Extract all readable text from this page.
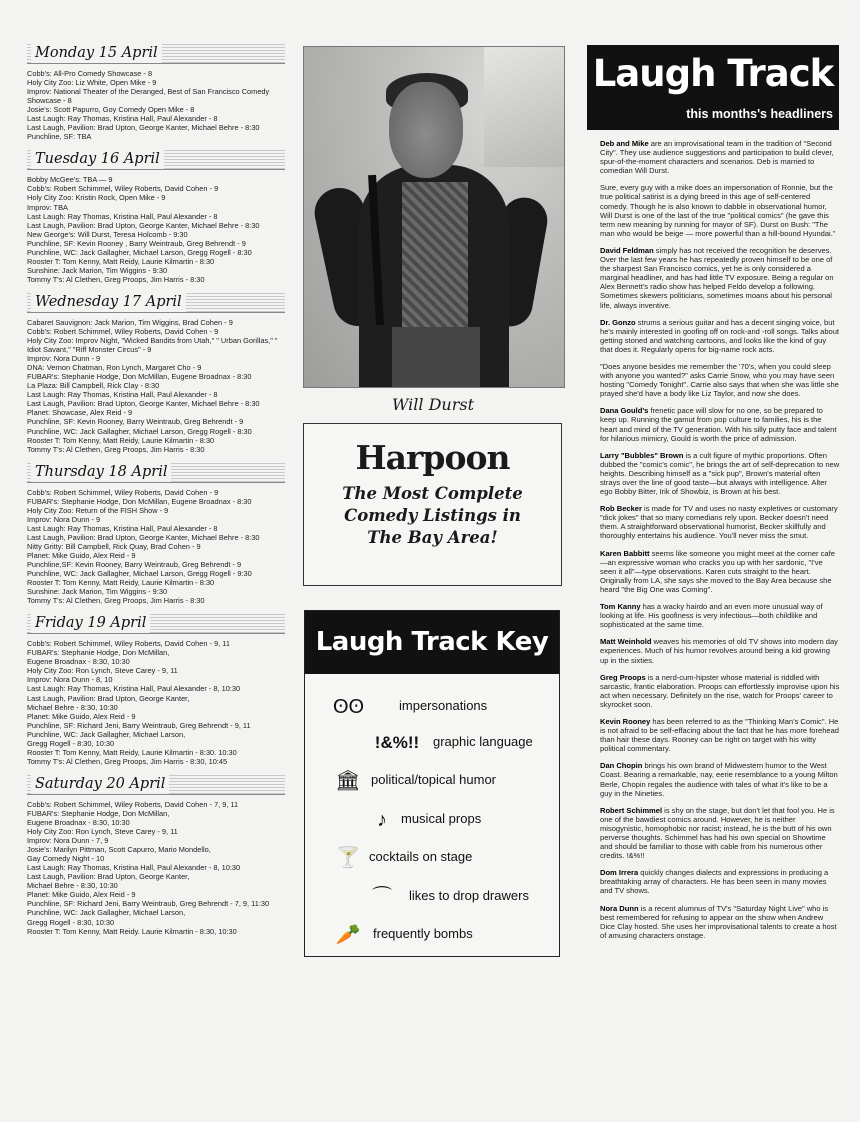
Monday 15 April
Cobb's: All-Pro Comedy Showcase - 8
Holy City Zoo: Liz White, Open Mike - 9
Improv: National Theater of the Deranged, Best of San Francisco Comedy Showcase - 8
Josie's: Scott Papurro, Goy Comedy Open Mike - 8
Last Laugh: Ray Thomas, Kristina Hall, Paul Alexander - 8
Last Laugh, Pavilion: Brad Upton, George Kanter, Michael Behre - 8:30
Punchline, SF: TBA
Tuesday 16 April
Bobby McGee's: TBA — 9
Cobb's: Robert Schimmel, Wiley Roberts, David Cohen - 9
Holy City Zoo: Kristin Rock, Open Mike - 9
Improv: TBA
Last Laugh: Ray Thomas, Kristina Hall, Paul Alexander - 8
Last Laugh, Pavilion: Brad Upton, George Kanter, Michael Behre - 8:30
New George's: Will Durst, Teresa Holcomb - 9:30
Punchline, SF: Kevin Rooney , Barry Weintraub, Greg Behrendt - 9
Punchline, WC: Jack Gallagher, Michael Larson, Gregg Rogell - 8:30
Rooster T: Tom Kenny, Matt Reidy, Laurie Kilmartin - 8:30
Sunshine: Jack Marion, Tim Wiggins - 9:30
Tommy T's: Al Clethen, Greg Proops, Jim Harris - 8:30
Wednesday 17 April
Cabaret Sauvignon: Jack Marion, Tim Wiggins, Brad Cohen - 9
Cobb's: Robert Schimmel, Wiley Roberts, David Cohen - 9
Holy City Zoo: Improv Night, "Wicked Bandits from Utah," " Urban Gorillas," " Idiot Savant," "Riff Monster Circus" - 9
Improv: Nora Dunn - 9
DNA: Vernon Chatman, Ron Lynch, Margaret Cho - 9
FUBAR's: Stephanie Hodge, Don McMillan, Eugene Broadnax - 8:30
La Plaza: Bill Campbell, Rick Clay - 8:30
Last Laugh: Ray Thomas, Kristina Hall, Paul Alexander - 8
Last Laugh, Pavilion: Brad Upton, George Kanter, Michael Behre - 8:30
Planet: Showcase, Alex Reid - 9
Punchline, SF: Kevin Rooney, Barry Weintraub, Greg Behrendt - 9
Punchline, WC: Jack Gallagher, Michael Larson, Gregg Rogell - 8:30
Rooster T: Tom Kenny, Matt Reidy, Laurie Kilmartin - 8:30
Tommy T's: Al Clethen, Greg Proops, Jim Harris - 8:30
Thursday 18 April
Cobb's: Robert Schimmel, Wiley Roberts, David Cohen - 9
FUBAR's: Stephanie Hodge, Don McMillan, Eugene Broadnax - 8:30
Holy City Zoo: Return of the FISH Show - 9
Improv: Nora Dunn - 9
Last Laugh: Ray Thomas, Kristina Hall, Paul Alexander - 8
Last Laugh, Pavilion: Brad Upton, George Kanter, Michael Behre - 8:30
Nitty Gritty: Bill Campbell, Rick Quay, Brad Cohen - 9
Planet: Mike Guido, Alex Reid - 9
Punchline,SF: Kevin Rooney, Barry Weintraub, Greg Behrendt - 9
Punchline, WC: Jack Gallagher, Michael Larson, Gregg Rogell - 9:30
Rooster T: Tom Kenny, Matt Reidy, Laurie Kilmartin - 8:30
Sunshine: Jack Marion, Tim Wiggins - 9:30
Tommy T's: Al Clethen, Greg Proops, Jim Harris - 8:30
Friday 19 April
Cobb's: Robert Schimmel, Wiley Roberts, David Cohen - 9, 11
FUBAR's: Stephanie Hodge, Don McMillan,
Eugene Broadnax - 8:30, 10:30
Holy City Zoo: Ron Lynch, Steve Carey - 9, 11
Improv: Nora Dunn - 8, 10
Last Laugh: Ray Thomas, Kristina Hall, Paul Alexander - 8, 10:30
Last Laugh, Pavilion: Brad Upton, George Kanter,
Michael Behre - 8:30, 10:30
Planet: Mike Guido, Alex Reid - 9
Punchline, SF: Richard Jeni, Barry Weintraub, Greg Behrendt - 9, 11
Punchline, WC: Jack Gallagher, Michael Larson,
Gregg Rogell - 8:30, 10:30
Rooster T: Tom Kenny, Matt Reidy, Laurie Kilmartin - 8:30. 10:30
Tommy T's: Al Clethen, Greg Proops, Jim Harris - 8:30, 10:45
Saturday 20 April
Cobb's: Robert Schimmel, Wiley Roberts, David Cohen - 7, 9, 11
FUBAR's: Stephanie Hodge, Don McMillan,
Eugene Broadnax - 8:30, 10:30
Holy City Zoo: Ron Lynch, Steve Carey - 9, 11
Improv: Nora Dunn - 7, 9
Josie's: Marilyn Pittman, Scott Capurro, Mario Mondello,
Gay Comedy Night - 10
Last Laugh: Ray Thomas, Kristina Hall, Paul Alexander - 8, 10:30
Last Laugh, Pavilion: Brad Upton, George Kanter,
Michael Behre - 8:30, 10:30
Planet: Mike Guido, Alex Reid - 9
Punchline, SF: Richard Jeni, Barry Weintraub, Greg Behrendt - 7, 9, 11:30
Punchline, WC: Jack Gallagher, Michael Larson,
Gregg Rogell - 8:30, 10:30
Rooster T: Tom Kenny, Matt Reidy. Laurie Kilmartin - 8:30, 10:30
Will Durst
Harpoon
The Most Complete
Comedy Listings in
The Bay Area!
Laugh Track Key
ʘʘ	impersonations
!&%!!	graphic language
🏛 political/topical humor
♪	musical props
🍸 cocktails on stage
⌒	likes to drop drawers
🥕 frequently bombs
Laugh Track
this months's headliners

Deb and Mike are an improvisational team in the tradition of "Second City". They use audience suggestions and participation to build clever, spur-of-the-moment characters and scenarios. Deb is married to comedian Will Durst.

Sure, every guy with a mike does an impersonation of Ronnie, but the true political satirist is a dying breed in this age of self-centered comedy. Though he is also known to dabble in observational humor, Will Durst is one of the last of the true "political comics" (he gave this term new meaning by running for mayor of SF). Durst on Bush: "The man who would be beige — more powerful than a hill-bound Hyundai."

David Feldman simply has not received the recognition he deserves. Over the last few years he has repeatedly proven himself to be one of the sharpest San Francisco comics, yet he is only considered a marginal headliner, and has had little TV exposure. Being a regular on Alex Bennett's radio show has helped Feldo develop a following. Sometimes skewers politicians, sometimes moans about his personal life, always inventive.

Dr. Gonzo strums a serious guitar and has a decent singing voice, but he's mainly interested in goofing off on rock-and -roll songs. Talks about getting stoned and watching cartoons, and looks like the kind of guy that does it. Regularly opens for big-name rock acts.

"Does anyone besides me remember the '70's, when you could sleep with anyone you wanted?" asks Carrie Snow, who you may have seen hosting "Comedy Tonight". Carrie also says that when she was little she prayed she'd have a body like Liz Taylor, and now she does.

Dana Gould's frenetic pace will slow for no one, so be prepared to keep up. Running the gamut from pop culture to families, his is the heart and mind of the TV generation. With his silly putty face and talent for hilarious mimicry, Gould is worth the price of admission.

Larry "Bubbles" Brown is a cult figure of mythic proportions. Often dubbed the "comic's comic", he brings the art of self-deprecation to new heights. Describing himself as a "sick pup", Brown's material often strays over the line of good taste—but always with intelligence. Alter ego Bobby Bitter, Irik of Showbiz, is Brown at his best.

Rob Becker is made for TV and uses no nasty expletives or customary "dick jokes" that so many comedians rely upon. Becker doesn't need them. A straightforward observational humorist, Becker skillfully and thoroughly entertains his audience. You'll never miss the smut.

Karen Babbitt seems like someone you might meet at the corner cafe—an expressive woman who cracks you up with her sardonic, "I've seen it all"—type observations. Karen cuts straight to the heart. Originally from LA, she says she moved to the Bay Area because she heard "the Big One was Coming".

Tom Kanny has a wacky hairdo and an even more unusual way of looking at life. His goofiness is very infectious—both childlike and sophisticated at the same time.

Matt Weinhold weaves his memories of old TV shows into modern day experiences. Much of his humor revolves around being a kid growing up in the sixties.

Greg Proops is a nerd-cum-hipster whose material is riddled with sarcastic, frantic elaboration. Proops can effortlessly improvise upon his act when necessary. Definitely on the rise, watch for Proops' career to skyrocket soon.

Kevin Rooney has been referred to as the "Thinking Man's Comic". He is not afraid to be self-effacing about the fact that he has more forehead than hair these days. Rooney can be right on target with his witty political commentary.

Dan Chopin brings his own brand of Midwestern humor to the West Coast. Bearing a remarkable, nay, eerie resemblance to a young Milton Berle, Chopin regales the audience with tales of what it's like to be a guy in the Nineties.

Robert Schimmel is shy on the stage, but don't let that fool you. He is one of the bawdiest comics around. However, he is neither misogynistic, homophobic nor racist; instead, he is the butt of his own perverse thoughts. Schimmel has had his own special on Showtime and should be familiar to those with cable from his numerous other credits. !&%!!

Dom Irrera quickly changes dialects and expressions in producing a breathtaking array of characters. He has been seen in many movies and TV shows.

Nora Dunn is a recent alumnus of TV's "Saturday Night Live" who is best remembered for refusing to appear on the show when Andrew Dice Clay hosted. She uses her improvisational talents to create a host of amusing characters onstage.
